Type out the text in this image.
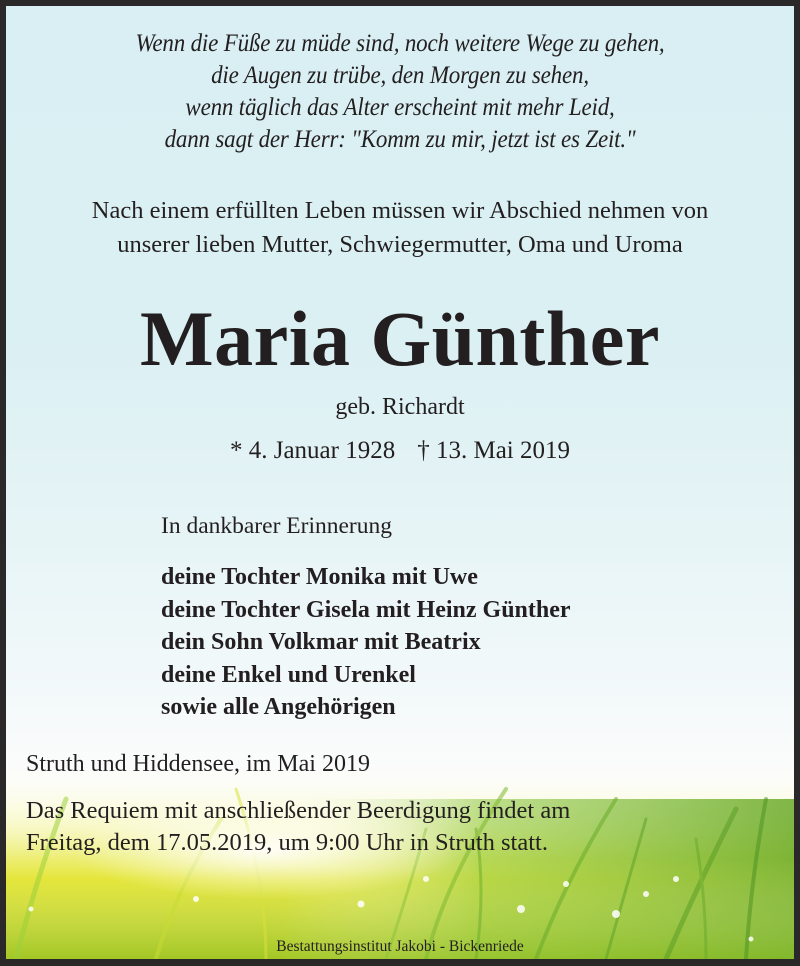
Wenn die Füße zu müde sind, noch weitere Wege zu gehen,
die Augen zu trübe, den Morgen zu sehen,
wenn täglich das Alter erscheint mit mehr Leid,
dann sagt der Herr: "Komm zu mir, jetzt ist es Zeit."
Nach einem erfüllten Leben müssen wir Abschied nehmen von
unserer lieben Mutter, Schwiegermutter, Oma und Uroma
Maria Günther
geb. Richardt
* 4. Januar 1928 † 13. Mai 2019
In dankbarer Erinnerung
deine Tochter Monika mit Uwe
deine Tochter Gisela mit Heinz Günther
dein Sohn Volkmar mit Beatrix
deine Enkel und Urenkel
sowie alle Angehörigen
Struth und Hiddensee, im Mai 2019
Das Requiem mit anschließender Beerdigung findet am
Freitag, dem 17.05.2019, um 9:00 Uhr in Struth statt.
Bestattungsinstitut Jakobi - Bickenriede
